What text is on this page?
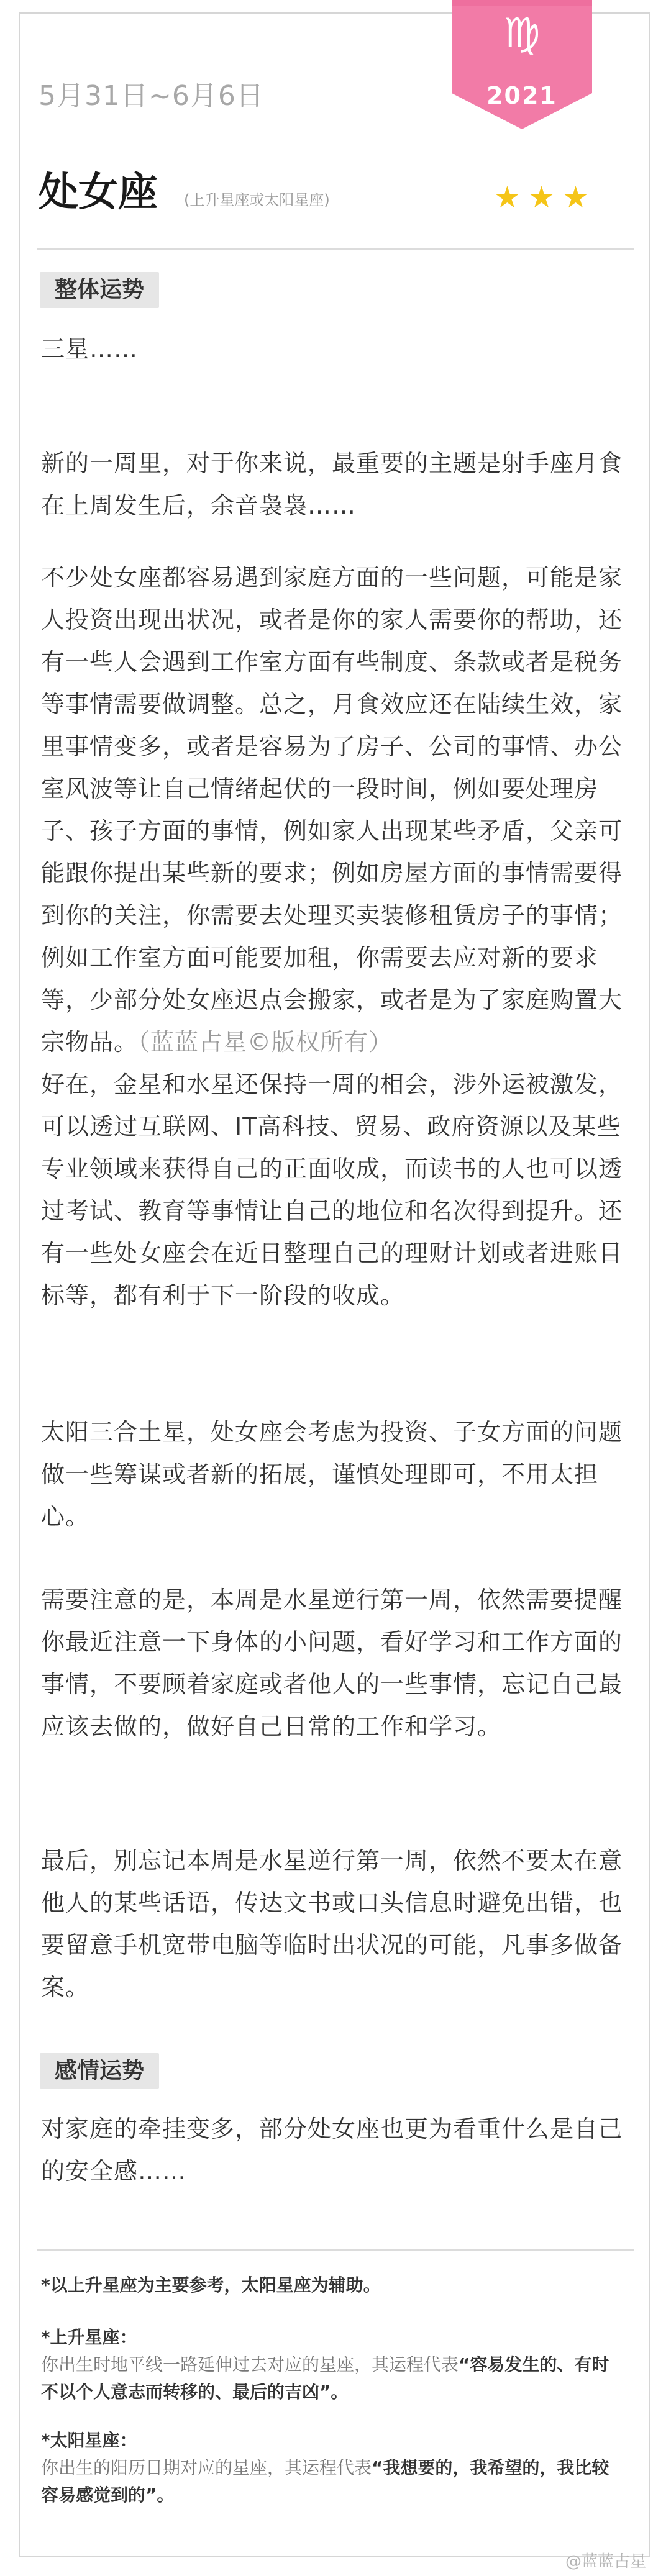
5月31日~6月6日
♍
2021
处女座 (上升星座或太阳星座)	★★★
整体运势

三星……

新的一周里，对于你来说，最重要的主题是射手座月食在上周发生后，余音袅袅……

不少处女座都容易遇到家庭方面的一些问题，可能是家人投资出现出状况，或者是你的家人需要你的帮助，还有一些人会遇到工作室方面有些制度、条款或者是税务等事情需要做调整。总之，月食效应还在陆续生效，家里事情变多，或者是容易为了房子、公司的事情、办公室风波等让自己情绪起伏的一段时间，例如要处理房子、孩子方面的事情，例如家人出现某些矛盾，父亲可能跟你提出某些新的要求；例如房屋方面的事情需要得到你的关注，你需要去处理买卖装修租赁房子的事情；例如工作室方面可能要加租，你需要去应对新的要求等，少部分处女座迟点会搬家，或者是为了家庭购置大宗物品。（蓝蓝占星©版权所有）

好在，金星和水星还保持一周的相会，涉外运被激发，可以透过互联网、IT高科技、贸易、政府资源以及某些专业领域来获得自己的正面收成，而读书的人也可以透过考试、教育等事情让自己的地位和名次得到提升。还有一些处女座会在近日整理自己的理财计划或者进账目标等，都有利于下一阶段的收成。

太阳三合土星，处女座会考虑为投资、子女方面的问题做一些筹谋或者新的拓展，谨慎处理即可，不用太担心。

需要注意的是，本周是水星逆行第一周，依然需要提醒你最近注意一下身体的小问题，看好学习和工作方面的事情，不要顾着家庭或者他人的一些事情，忘记自己最应该去做的，做好自己日常的工作和学习。

最后，别忘记本周是水星逆行第一周，依然不要太在意他人的某些话语，传达文书或口头信息时避免出错，也要留意手机宽带电脑等临时出状况的可能，凡事多做备案。

感情运势

对家庭的牵挂变多，部分处女座也更为看重什么是自己的安全感……

*以上升星座为主要参考，太阳星座为辅助。
*上升星座：
你出生时地平线一路延伸过去对应的星座，其运程代表“容易发生的、有时不以个人意志而转移的、最后的吉凶”。
*太阳星座：
你出生的阳历日期对应的星座，其运程代表“我想要的，我希望的，我比较容易感觉到的”。
@蓝蓝占星
